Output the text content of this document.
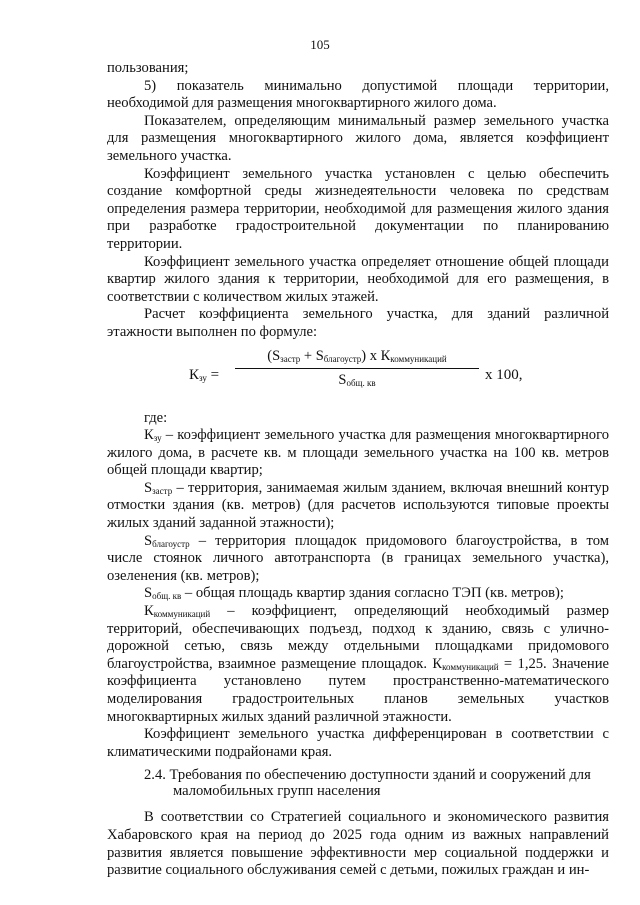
105

пользования;

5) показатель минимально допустимой площади территории, необходимой для размещения многоквартирного жилого дома.

Показателем, определяющим минимальный размер земельного участка для размещения многоквартирного жилого дома, является коэффициент земельного участка.

Коэффициент земельного участка установлен с целью обеспечить создание комфортной среды жизнедеятельности человека по средствам определения размера территории, необходимой для размещения жилого здания при разработке градостроительной документации по планированию территории.

Коэффициент земельного участка определяет отношение общей площади квартир жилого здания к территории, необходимой для его размещения, в соответствии с количеством жилых этажей.

Расчет коэффициента земельного участка, для зданий различной этажности выполнен по формуле:

$К_{зу}$ =
$(S_{застр} + S_{благоустр})$ х $К_{коммуникаций}$
$S_{общ. кв}$
х 100,

где:

$К_{зу}$ – коэффициент земельного участка для размещения многоквартирного жилого дома, в расчете кв. м площади земельного участка на 100 кв. метров общей площади квартир;

$S_{застр}$ – территория, занимаемая жилым зданием, включая внешний контур отмостки здания (кв. метров) (для расчетов используются типовые проекты жилых зданий заданной этажности);

$S_{благоустр}$ – территория площадок придомового благоустройства, в том числе стоянок личного автотранспорта (в границах земельного участка), озеленения (кв. метров);

$S_{общ. кв}$ – общая площадь квартир здания согласно ТЭП (кв. метров);

$К_{коммуникаций}$ – коэффициент, определяющий необходимый размер территорий, обеспечивающих подъезд, подход к зданию, связь с улично-дорожной сетью, связь между отдельными площадками придомового благоустройства, взаимное размещение площадок. $К_{коммуникаций} = 1,25$. Значение коэффициента установлено путем пространственно-математического моделирования градостроительных планов земельных участков многоквартирных жилых зданий различной этажности.

Коэффициент земельного участка дифференцирован в соответствии с климатическими подрайонами края.

2.4. Требования по обеспечению доступности зданий и сооружений для
маломобильных групп населения

В соответствии со Стратегией социального и экономического развития Хабаровского края на период до 2025 года одним из важных направлений развития является повышение эффективности мер социальной поддержки и развитие социального обслуживания семей с детьми, пожилых граждан и ин-
